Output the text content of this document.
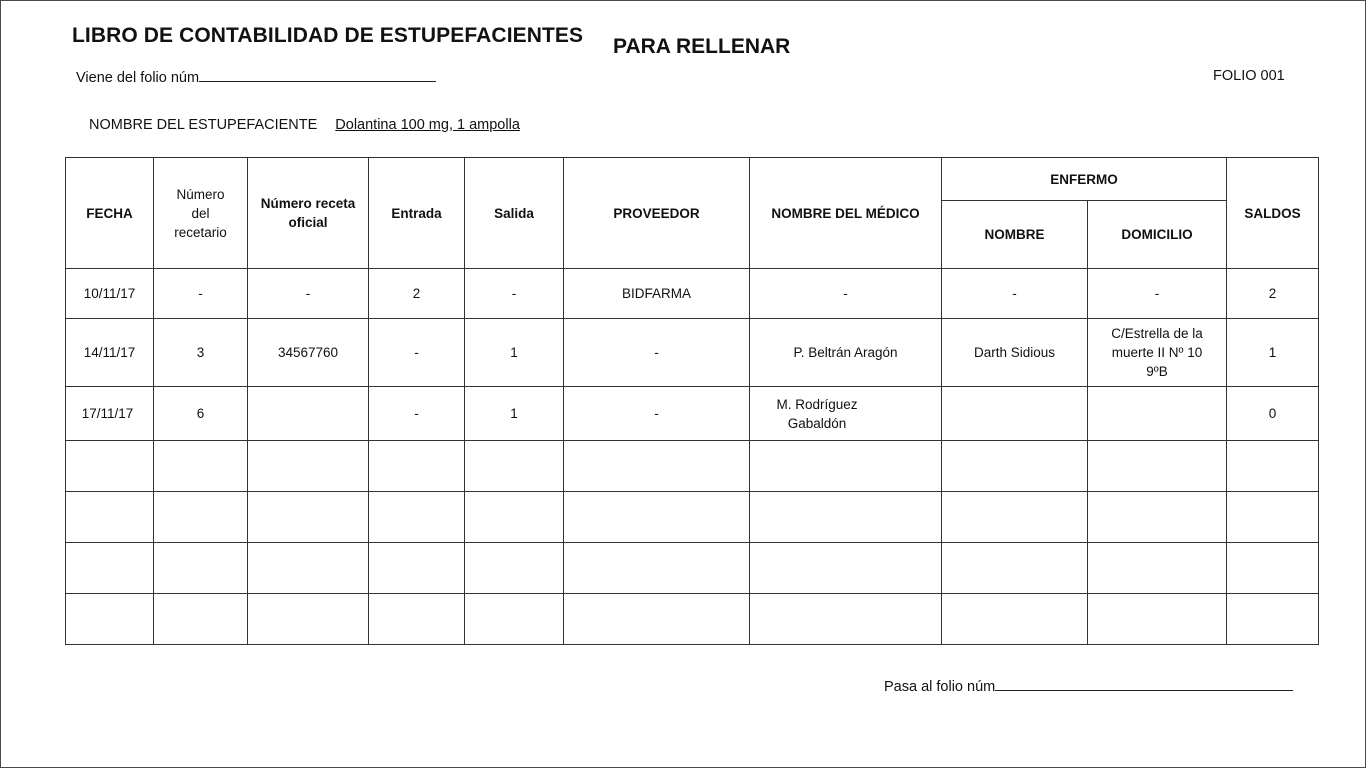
LIBRO DE CONTABILIDAD DE ESTUPEFACIENTES PARA RELLENAR
Viene del folio núm	FOLIO 001
NOMBRE DEL ESTUPEFACIENTE Dolantina 100 mg, 1 ampolla
FECHA	Número del recetario	Número receta oficial	Entrada	Salida	PROVEEDOR	NOMBRE DEL MÉDICO	ENFERMO		SALDOS
							NOMBRE	DOMICILIO	
10/11/17	-	-	2	-	BIDFARMA	-	-	-	2
14/11/17	3	34567760	-	1	-	P. Beltrán Aragón	Darth Sidious	C/Estrella de la muerte II Nº 10 9ºB	1
17/11/17	6		-	1	-	M. Rodríguez Gabaldón			0

Pasa al folio núm
